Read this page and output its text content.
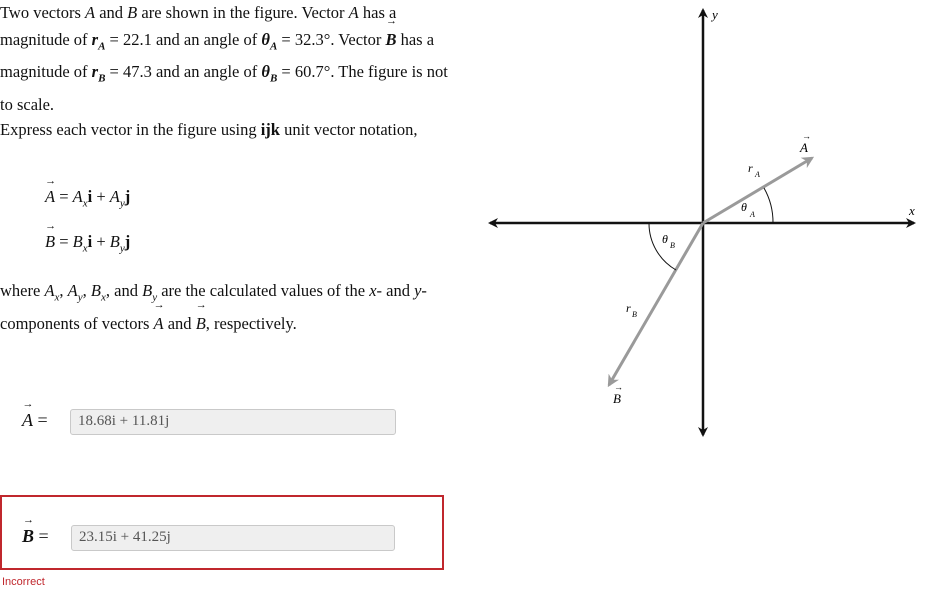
Two vectors → A and → B are shown in the figure. Vector → A has a magnitude of $r_A = 22.1$ and an angle of $\theta_A = 32.3^\circ$. Vector → B has a magnitude of $r_B = 47.3$ and an angle of $\theta_B = 60.7^\circ$. The figure is not to scale.

Express each vector in the figure using ijk unit vector notation,
→ $A = A_xi + A_yj$
→ $B = B_xi + B_yj$
where $A_x$, $A_y$, $B_x$, and $B_y$ are the calculated values of the x- and y-components of vectors → A and → B, respectively.
→ A =	18.68i + 11.81j
→ B =	23.15i + 41.25j
Incorrect
x
y
A
→
B
→
r A
θ
A
r B
θ B
